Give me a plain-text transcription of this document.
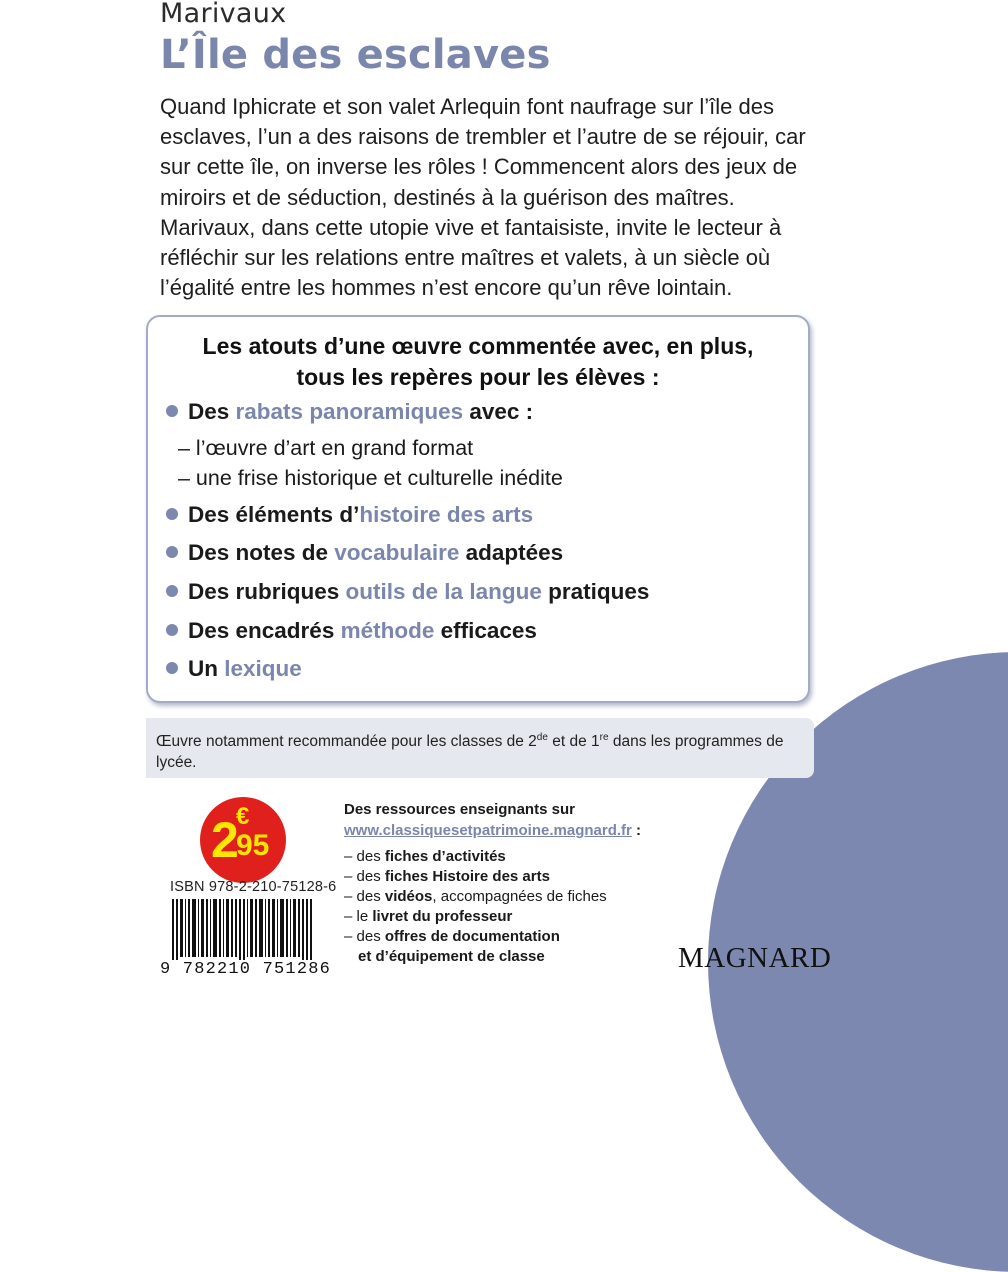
Marivaux
L’Île des esclaves

Quand Iphicrate et son valet Arlequin font naufrage sur l’île des esclaves, l’un a des raisons de trembler et l’autre de se réjouir, car sur cette île, on inverse les rôles ! Commencent alors des jeux de miroirs et de séduction, destinés à la guérison des maîtres.

Marivaux, dans cette utopie vive et fantaisiste, invite le lecteur à réfléchir sur les relations entre maîtres et valets, à un siècle où l’égalité entre les hommes n’est encore qu’un rêve lointain.

Les atouts d’une œuvre commentée avec, en plus,
tous les repères pour les élèves :
Des rabats panoramiques avec :
– l’œuvre d’art en grand format
– une frise historique et culturelle inédite
Des éléments d’histoire des arts
Des notes de vocabulaire adaptées
Des rubriques outils de la langue pratiques
Des encadrés méthode efficaces
Un lexique
Œuvre notamment recommandée pour les classes de 2de et de 1re dans les programmes de lycée.
2
€
95
ISBN 978-2-210-75128-6
9 782210 751286
Des ressources enseignants sur
www.classiquesetpatrimoine.magnard.fr :
– des fiches d’activités
– des fiches Histoire des arts
– des vidéos, accompagnées de fiches
– le livret du professeur
– des offres de documentation
et d’équipement de classe	MAGNARD
